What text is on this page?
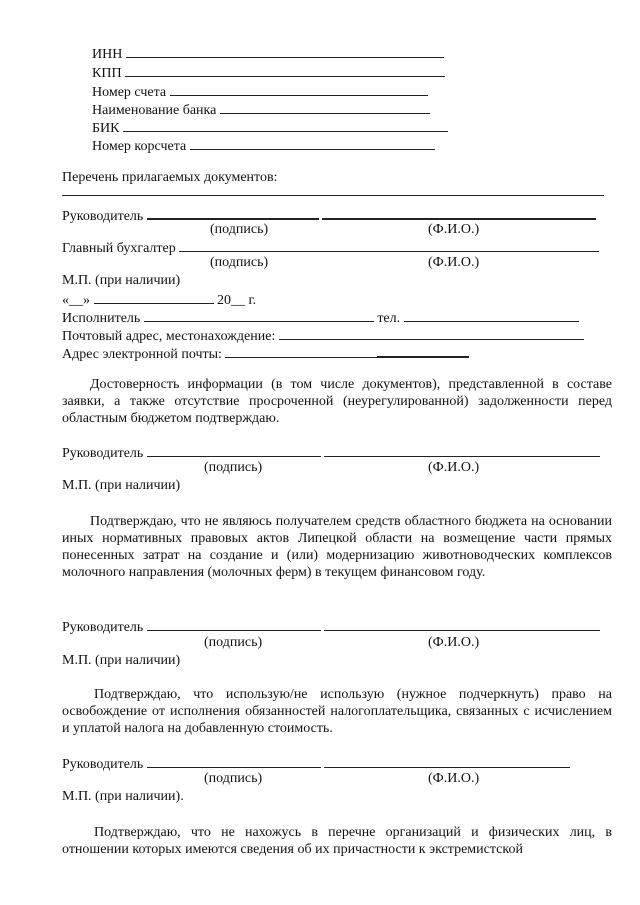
ИНН
КПП
Номер счета
Наименование банка
БИК
Номер корсчета
Перечень прилагаемых документов:
Руководитель
(подпись)	(Ф.И.О.)
Главный бухгалтер
(подпись)	(Ф.И.О.)
М.П. (при наличии)
«__»	20__ г.
Исполнитель	тел.
Почтовый адрес, местонахождение:
Адрес электронной почты:
Достоверность информации (в том числе документов), представленной в составе заявки, а также отсутствие просроченной (неурегулированной) задолженности перед областным бюджетом подтверждаю.
Руководитель
(подпись)	(Ф.И.О.)
М.П. (при наличии)
Подтверждаю, что не являюсь получателем средств областного бюджета на основании иных нормативных правовых актов Липецкой области на возмещение части прямых понесенных затрат на создание и (или) модернизацию животноводческих комплексов молочного направления (молочных ферм) в текущем финансовом году.
Руководитель
(подпись)	(Ф.И.О.)
М.П. (при наличии)
Подтверждаю, что использую/не использую (нужное подчеркнуть) право на освобождение от исполнения обязанностей налогоплательщика, связанных с исчислением и уплатой налога на добавленную стоимость.
Руководитель
(подпись)	(Ф.И.О.)
М.П. (при наличии).
Подтверждаю, что не нахожусь в перечне организаций и физических лиц, в отношении которых имеются сведения об их причастности к экстремистской
